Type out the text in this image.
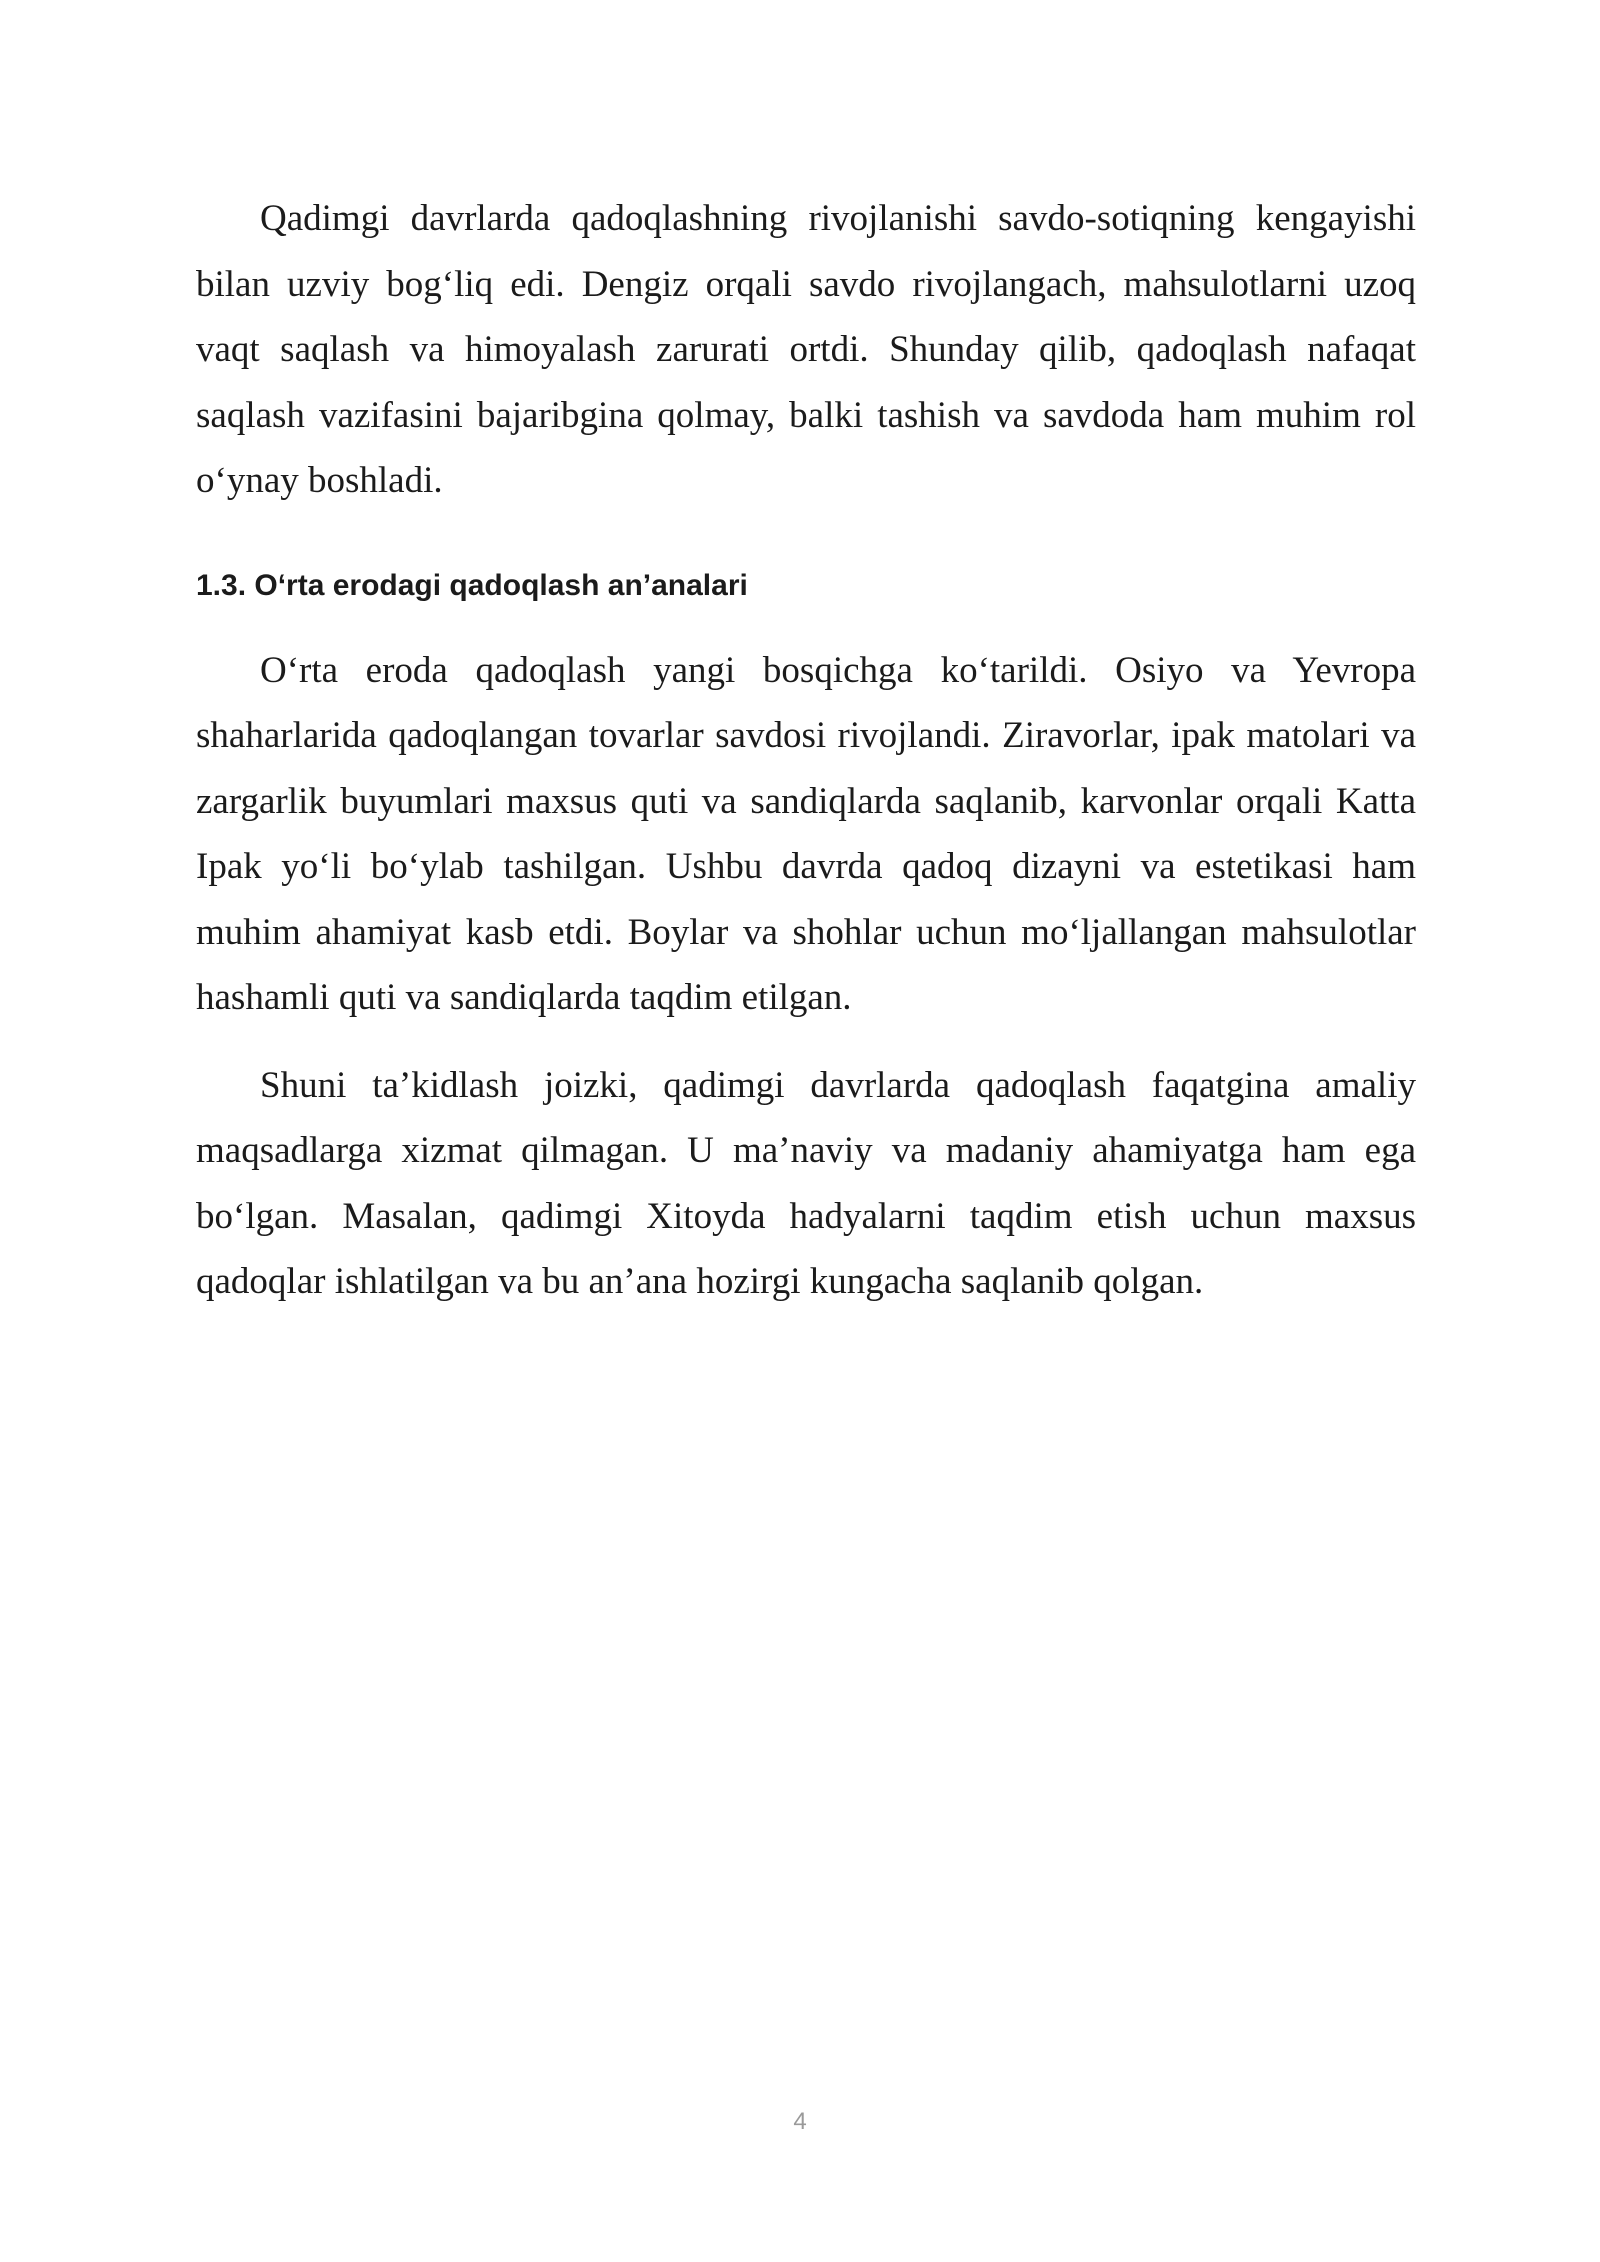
Qadimgi davrlarda qadoqlashning rivojlanishi savdo-sotiqning kengayishi bilan uzviy bog‘liq edi. Dengiz orqali savdo rivojlangach, mahsulotlarni uzoq vaqt saqlash va himoyalash zarurati ortdi. Shunday qilib, qadoqlash nafaqat saqlash vazifasini bajaribgina qolmay, balki tashish va savdoda ham muhim rol o‘ynay boshladi.

1.3. O‘rta erodagi qadoqlash an’analari

O‘rta eroda qadoqlash yangi bosqichga ko‘tarildi. Osiyo va Yevropa shaharlarida qadoqlangan tovarlar savdosi rivojlandi. Ziravorlar, ipak matolari va zargarlik buyumlari maxsus quti va sandiqlarda saqlanib, karvonlar orqali Katta Ipak yo‘li bo‘ylab tashilgan. Ushbu davrda qadoq dizayni va estetikasi ham muhim ahamiyat kasb etdi. Boylar va shohlar uchun mo‘ljallangan mahsulotlar hashamli quti va sandiqlarda taqdim etilgan.

Shuni ta’kidlash joizki, qadimgi davrlarda qadoqlash faqatgina amaliy maqsadlarga xizmat qilmagan. U ma’naviy va madaniy ahamiyatga ham ega bo‘lgan. Masalan, qadimgi Xitoyda hadyalarni taqdim etish uchun maxsus qadoqlar ishlatilgan va bu an’ana hozirgi kungacha saqlanib qolgan.

4
